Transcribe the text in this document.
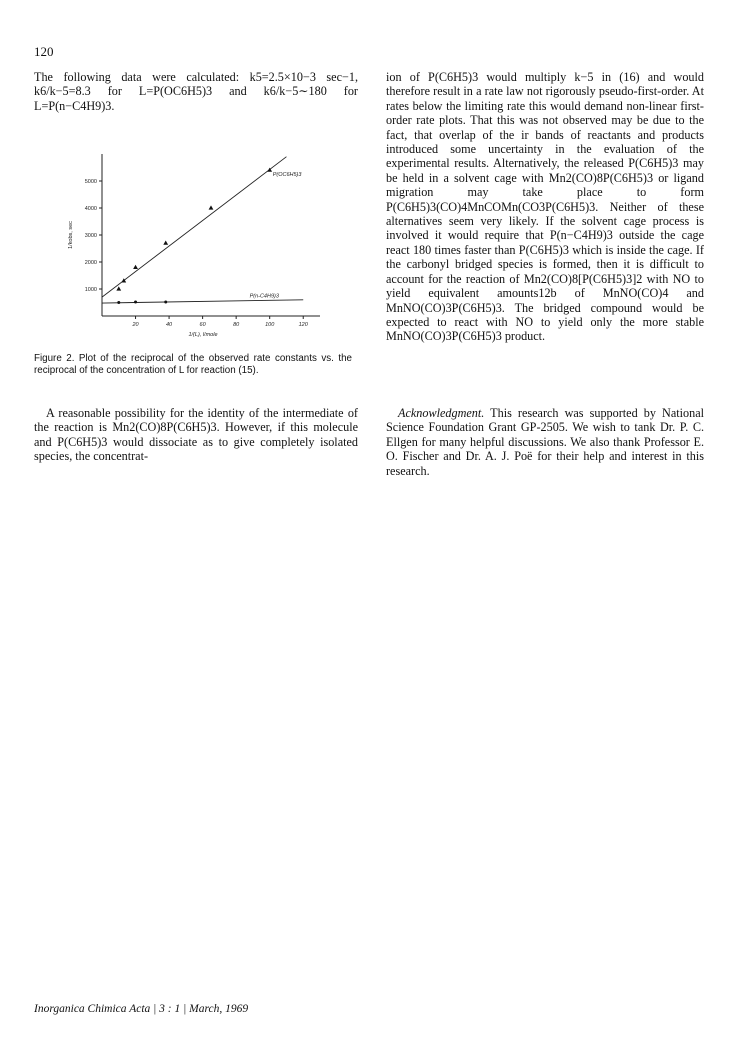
120

The following data were calculated: k5=2.5×10−3 sec−1, k6/k−5=8.3 for L=P(OC6H5)3 and k6/k−5∼180 for L=P(n−C4H9)3.

1000
2000
3000
4000
5000
20	40	60	80	100	120
1/(L), l/mole
1/kobs, sec
P(OC6H5)3
P(n-C4H9)3
Figure 2. Plot of the reciprocal of the observed rate constants vs. the reciprocal of the concentration of L for reaction (15).

A reasonable possibility for the identity of the intermediate of the reaction is Mn2(CO)8P(C6H5)3. However, if this molecule and P(C6H5)3 would dissociate as to give completely isolated species, the concentrat-

ion of P(C6H5)3 would multiply k−5 in (16) and would therefore result in a rate law not rigorously pseudo-first-order. At rates below the limiting rate this would demand non-linear first-order rate plots. That this was not observed may be due to the fact, that overlap of the ir bands of reactants and products introduced some uncertainty in the evaluation of the experimental results. Alternatively, the released P(C6H5)3 may be held in a solvent cage with Mn2(CO)8P(C6H5)3 or ligand migration may take place to form P(C6H5)3(CO)4MnCOMn(CO3P(C6H5)3. Neither of these alternatives seem very likely. If the solvent cage process is involved it would require that P(n−C4H9)3 outside the cage react 180 times faster than P(C6H5)3 which is inside the cage. If the carbonyl bridged species is formed, then it is difficult to account for the reaction of Mn2(CO)8[P(C6H5)3]2 with NO to yield equivalent amounts12b of MnNO(CO)4 and MnNO(CO)3P(C6H5)3. The bridged compound would be expected to react with NO to yield only the more stable MnNO(CO)3P(C6H5)3 product.

Acknowledgment. This research was supported by National Science Foundation Grant GP-2505. We wish to tank Dr. P. C. Ellgen for many helpful discussions. We also thank Professor E. O. Fischer and Dr. A. J. Poë for their help and interest in this research.

Inorganica Chimica Acta | 3 : 1 | March, 1969
